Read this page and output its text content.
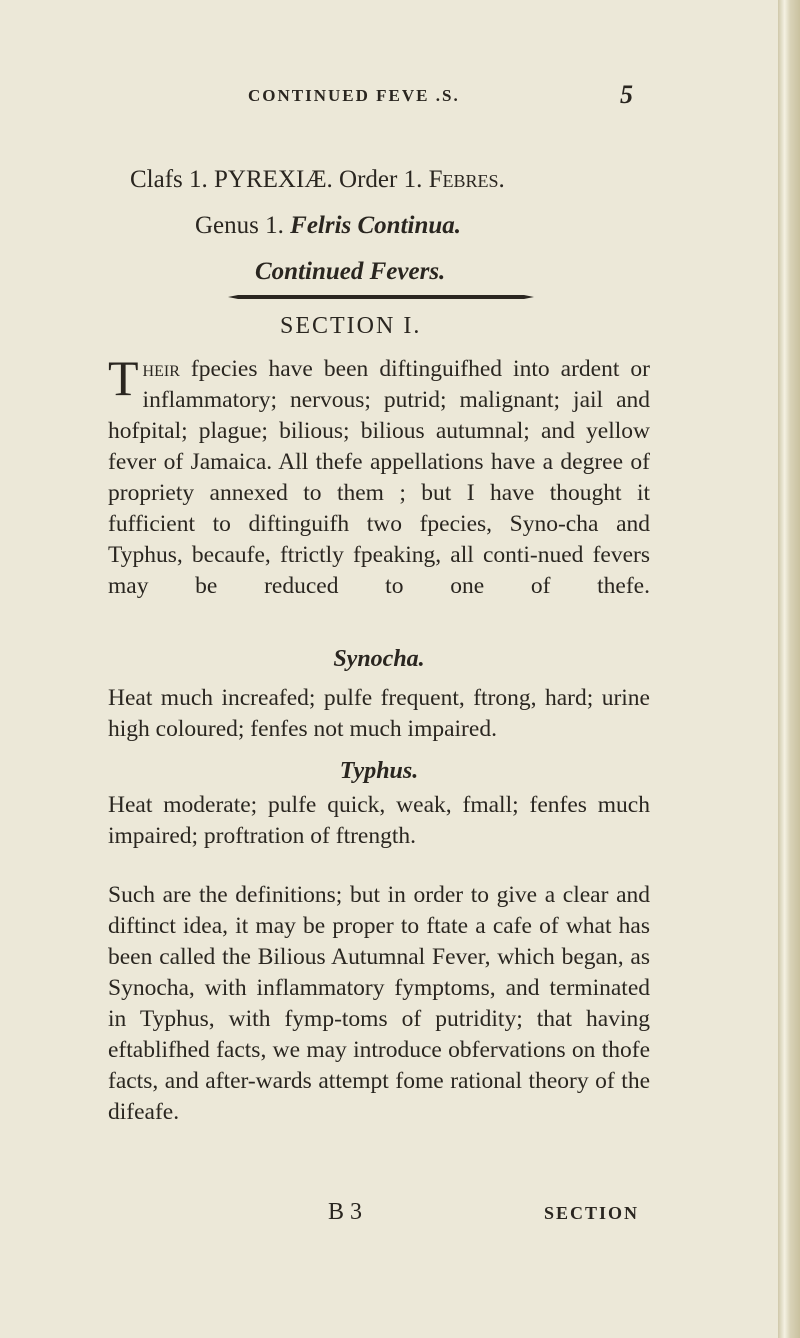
CONTINUED FEVE .S.	5
Clafs 1. PYREXIÆ. Order 1. Febres.
Genus 1. Felris Continua.
Continued Fevers.
SECTION I.
Their fpecies have been diftinguifhed into ardent or inflammatory; nervous; putrid; malignant; jail and hofpital; plague; bilious; bilious autumnal; and yellow fever of Jamaica. All thefe appellations have a degree of propriety annexed to them ; but I have thought it fufficient to diftinguifh two fpecies, Syno-cha and Typhus, becaufe, ftrictly fpeaking, all conti-nued fevers may be reduced to one of thefe.
Synocha.
Heat much increafed; pulfe frequent, ftrong, hard; urine high coloured; fenfes not much impaired.
Typhus.
Heat moderate; pulfe quick, weak, fmall; fenfes much impaired; proftration of ftrength.
Such are the definitions; but in order to give a clear and diftinct idea, it may be proper to ftate a cafe of what has been called the Bilious Autumnal Fever, which began, as Synocha, with inflammatory fymptoms, and terminated in Typhus, with fymp-toms of putridity; that having eftablifhed facts, we may introduce obfervations on thofe facts, and after-wards attempt fome rational theory of the difeafe.
B 3	SECTION
